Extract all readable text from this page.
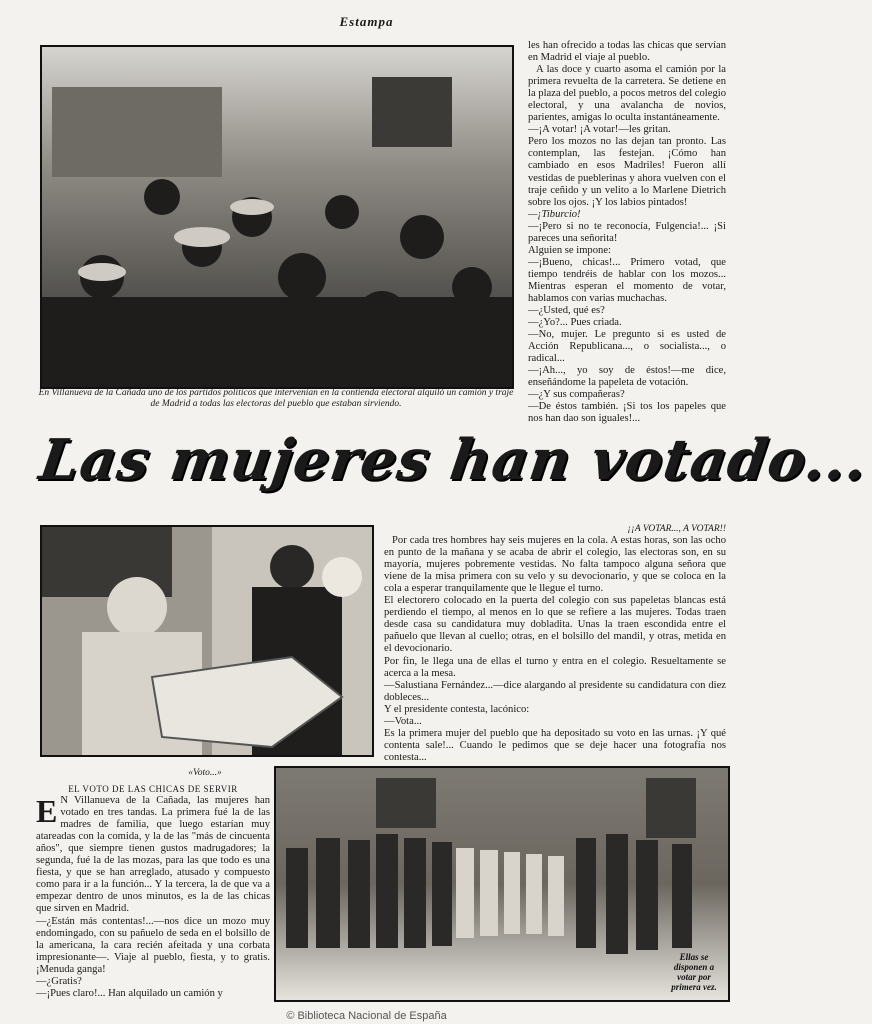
Estampa
En Villanueva de la Cañada uno de los partidos políticos que intervenían en la contienda electoral alquiló un camión y traje de Madrid a todas las electoras del pueblo que estaban sirviendo.

les han ofrecido a todas las chicas que servían en Madrid el viaje al pueblo.

A las doce y cuarto asoma el camión por la primera revuelta de la carretera. Se detiene en la plaza del pueblo, a pocos metros del colegio electoral, y una avalancha de novios, parientes, amigas lo oculta instantáneamente.

—¡A votar! ¡A votar!—les gritan.

Pero los mozos no las dejan tan pronto. Las contemplan, las festejan. ¡Cómo han cambiado en esos Madriles! Fueron allí vestidas de pueblerinas y ahora vuelven con el traje ceñido y un velito a lo Marlene Dietrich sobre los ojos. ¡Y los labios pintados!

—¡Tiburcio!

—¡Pero si no te reconocía, Fulgencia!... ¡Si pareces una señorita!

Alguien se impone:

—¡Bueno, chicas!... Primero votad, que tiempo tendréis de hablar con los mozos... Mientras esperan el momento de votar, hablamos con varias muchachas.

—¿Usted, qué es?

—¿Yo?... Pues criada.

—No, mujer. Le pregunto si es usted de Acción Republicana..., o socialista..., o radical...

—¡Ah..., yo soy de éstos!—me dice, enseñándome la papeleta de votación.

—¿Y sus compañeras?

—De éstos también. ¡Si tos los papeles que nos han dao son iguales!...

Las mujeres han votado...
«Voto...»
¡¡A VOTAR..., A VOTAR!!

Por cada tres hombres hay seis mujeres en la cola. A estas horas, son las ocho en punto de la mañana y se acaba de abrir el colegio, las electoras son, en su mayoría, mujeres pobremente vestidas. No falta tampoco alguna señora que viene de la misa primera con su velo y su devocionario, y que se coloca en la cola a esperar tranquilamente que le llegue el turno.

El electorero colocado en la puerta del colegio con sus papeletas blancas está perdiendo el tiempo, al menos en lo que se refiere a las mujeres. Todas traen desde casa su candidatura muy dobladita. Unas la traen escondida entre el pañuelo que llevan al cuello; otras, en el bolsillo del mandil, y otras, metida en el devocionario.

Por fin, le llega una de ellas el turno y entra en el colegio. Resueltamente se acerca a la mesa.

—Salustiana Fernández...—dice alargando al presidente su candidatura con diez dobleces...

Y el presidente contesta, lacónico:

—Vota...

Es la primera mujer del pueblo que ha depositado su voto en las urnas. ¡Y qué contenta sale!... Cuando le pedimos que se deje hacer una fotografía nos contesta...

EL VOTO DE LAS CHICAS DE SERVIR

E N Villanueva de la Cañada, las mujeres han votado en tres tandas. La primera fué la de las madres de familia, que luego estarían muy atareadas con la comida, y la de las "más de cincuenta años", que siempre tienen gustos madrugadores; la segunda, fué la de las mozas, para las que todo es una fiesta, y que se han arreglado, atusado y compuesto como para ir a la función... Y la tercera, la de que va a empezar dentro de unos minutos, es la de las chicas que sirven en Madrid.

—¿Están más contentas!...—nos dice un mozo muy endomingado, con su pañuelo de seda en el bolsillo de la americana, la cara recién afeitada y una corbata impresionante—. Viaje al pueblo, fiesta, y to gratis. ¡Menuda ganga!

—¿Gratis?

—¡Pues claro!... Han alquilado un camión y

Ellas se disponen a votar por primera vez.
© Biblioteca Nacional de España
